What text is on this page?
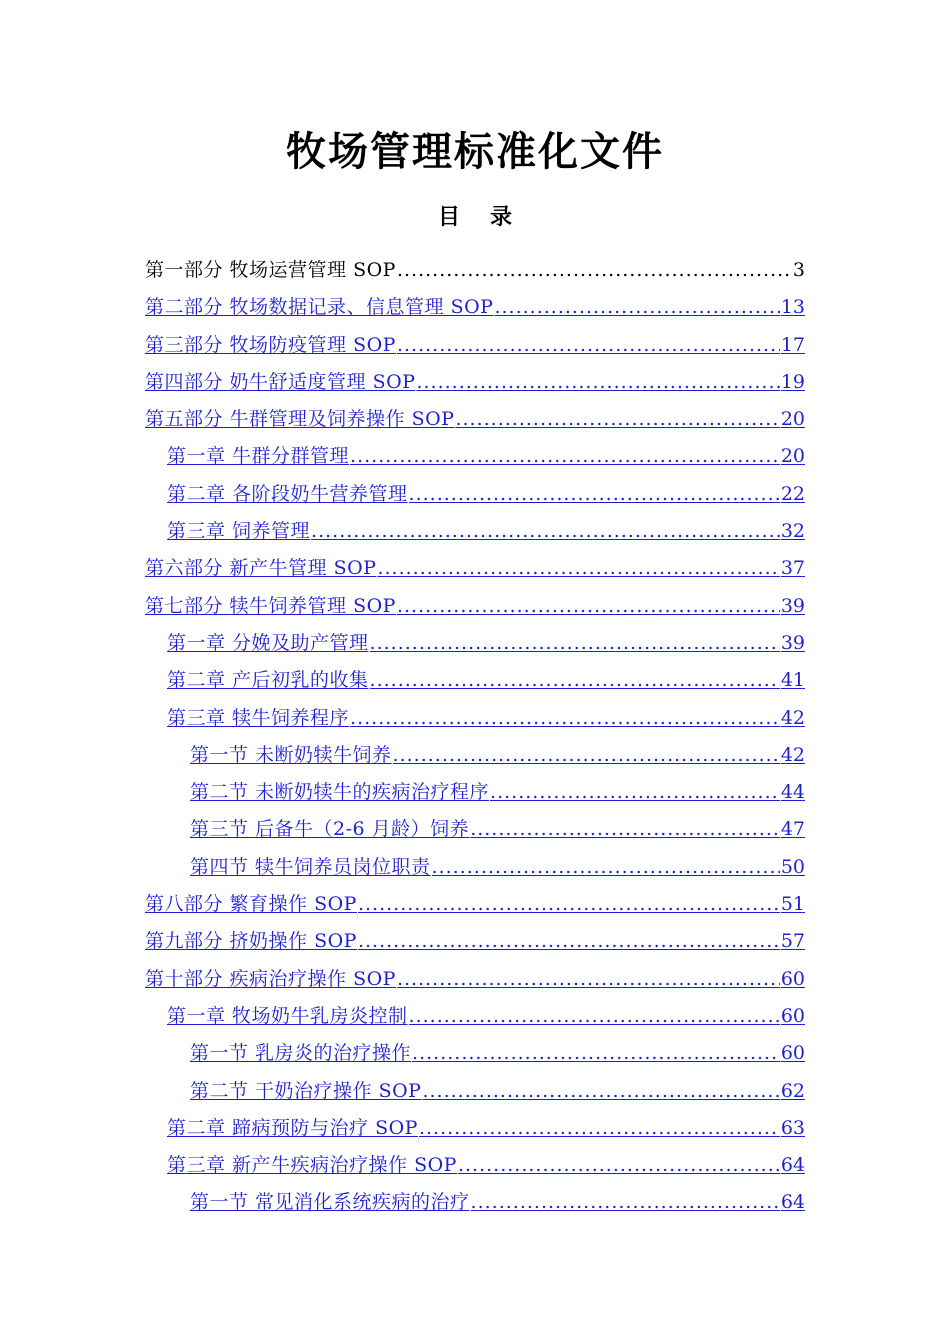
牧场管理标准化文件
目录
第一部分 牧场运营管理 SOP .....	3
第二部分 牧场数据记录、信息管理 SOP .....	13
第三部分 牧场防疫管理 SOP .....	17
第四部分 奶牛舒适度管理 SOP .....	19
第五部分 牛群管理及饲养操作 SOP .....	20
第一章 牛群分群管理 .....	20
第二章 各阶段奶牛营养管理 .....	22
第三章 饲养管理 .....	32
第六部分 新产牛管理 SOP .....	37
第七部分 犊牛饲养管理 SOP .....	39
第一章 分娩及助产管理 .....	39
第二章 产后初乳的收集 .....	41
第三章 犊牛饲养程序 .....	42
第一节 未断奶犊牛饲养 .....	42
第二节 未断奶犊牛的疾病治疗程序 .....	44
第三节 后备牛（2-6 月龄）饲养 .....	47
第四节 犊牛饲养员岗位职责 .....	50
第八部分 繁育操作 SOP .....	51
第九部分 挤奶操作 SOP .....	57
第十部分 疾病治疗操作 SOP .....	60
第一章 牧场奶牛乳房炎控制 .....	60
第一节 乳房炎的治疗操作 .....	60
第二节 干奶治疗操作 SOP .....	62
第二章 蹄病预防与治疗 SOP .....	63
第三章 新产牛疾病治疗操作 SOP .....	64
第一节 常见消化系统疾病的治疗 .....	64
